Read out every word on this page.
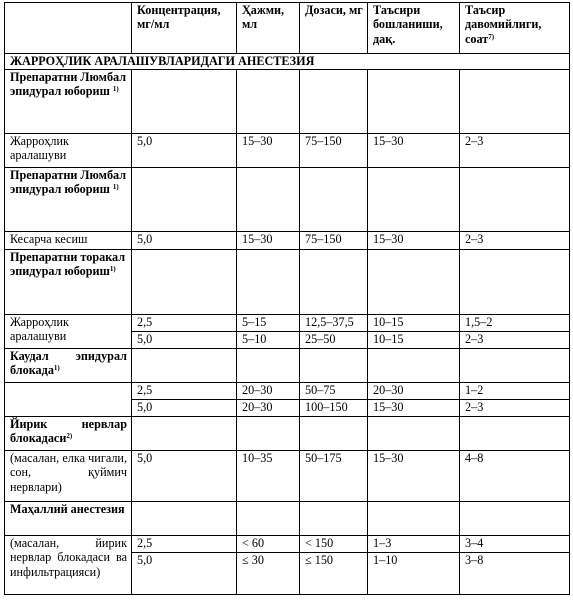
	Концентрация, мг/мл	Ҳажми, мл	Дозаси, мг	Таъсири бошланиши, дақ.	Таъсир давомийлиги, соат$^{7)}$
ЖАРРОҲЛИК АРАЛАШУВЛАРИДАГИ АНЕСТЕЗИЯ					
Препаратни Люмбал эпидурал юбориш $^{1)}$					
Жарроҳлик аралашуви	5,0	15–30	75–150	15–30	2–3
Препаратни Люмбал эпидурал юбориш $^{1)}$					
Кесарча кесиш	5,0	15–30	75–150	15–30	2–3
Препаратни торакал эпидурал юбориш$^{1)}$					
Жарроҳлик аралашуви	2,5	5–15	12,5–37,5	10–15	1,5–2
	5,0	5–10	25–50	10–15	2–3
Каудал эпидурал блокада$^{1)}$					
	2,5	20–30	50–75	20–30	1–2
	5,0	20–30	100–150	15–30	2–3
Йирик нервлар блокадаси$^{2)}$					
(масалан, елка чигали, сон, қуймич нервлари)	5,0	10–35	50–175	15–30	4–8
Маҳаллий анестезия					
(масалан, йирик нервлар блокадаси ва инфильтрацияси)	2,5	< 60	< 150	1–3	3–4
	5,0	≤ 30	≤ 150	1–10	3–8
